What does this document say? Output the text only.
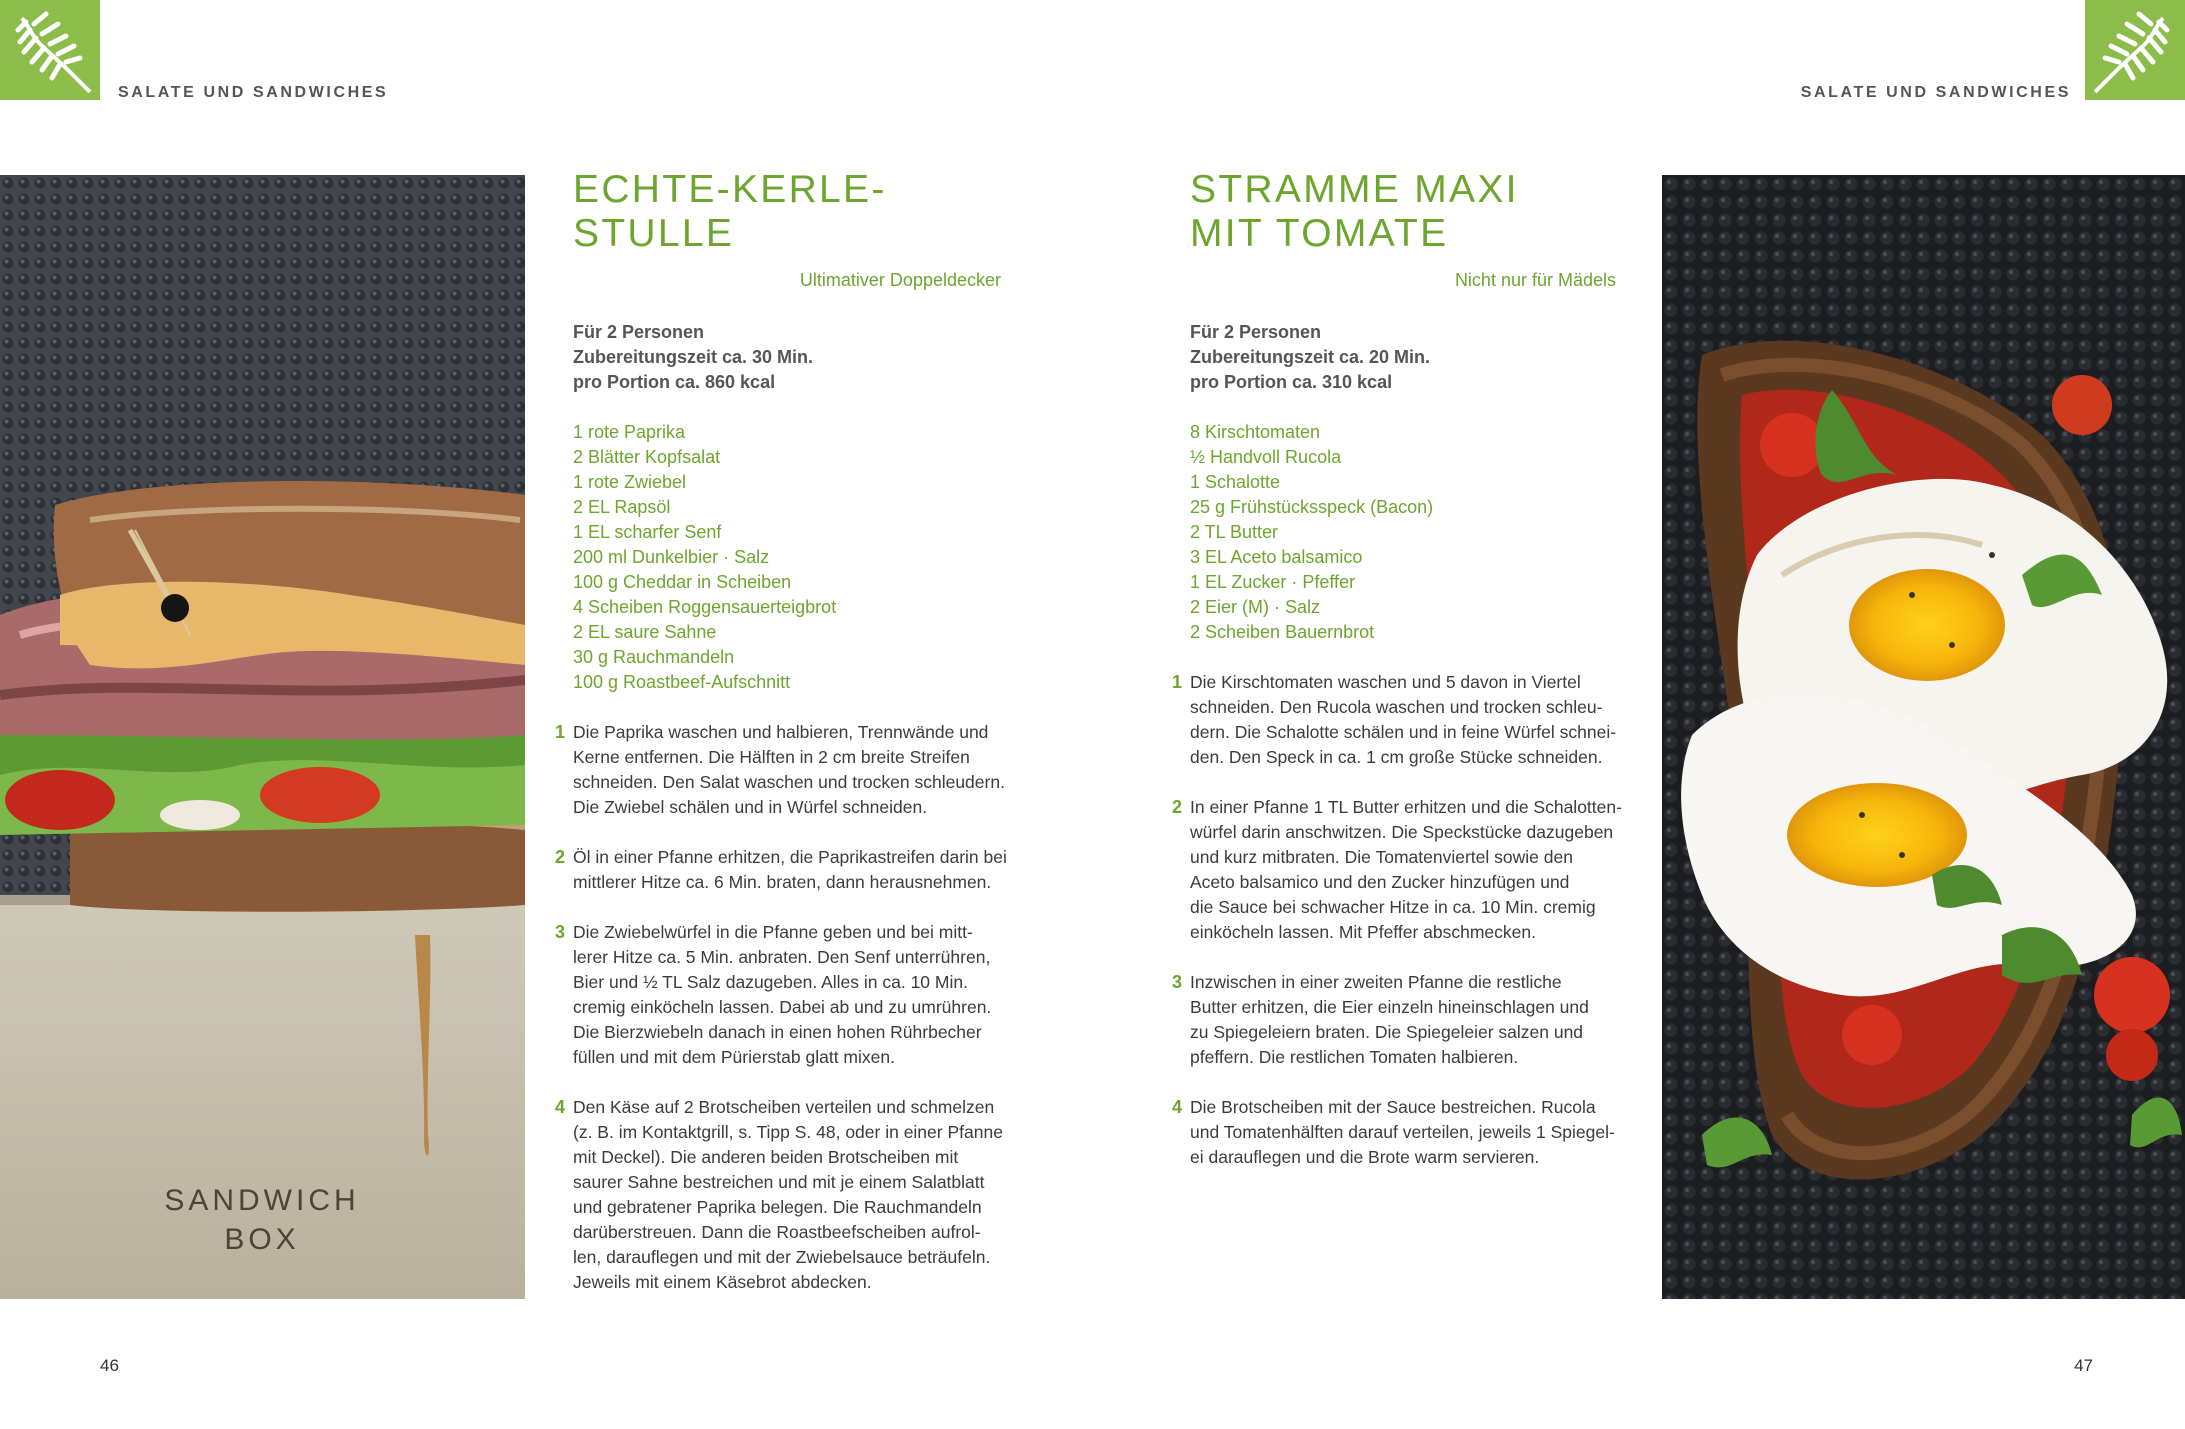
SALATE UND SANDWICHES	SALATE UND SANDWICHES
SANDWICH
BOX
ECHTE-KERLE-STULLE
Ultimativer Doppeldecker
Für 2 Personen
Zubereitungszeit ca. 30 Min.
pro Portion ca. 860 kcal
1 rote Paprika
2 Blätter Kopfsalat
1 rote Zwiebel
2 EL Rapsöl
1 EL scharfer Senf
200 ml Dunkelbier · Salz
100 g Cheddar in Scheiben
4 Scheiben Roggensauerteigbrot
2 EL saure Sahne
30 g Rauchmandeln
100 g Roastbeef-Aufschnitt
1 Die Paprika waschen und halbieren, Trennwände und
Kerne entfernen. Die Hälften in 2 cm breite Streifen
schneiden. Den Salat waschen und trocken schleudern.
Die Zwiebel schälen und in Würfel schneiden.
2 Öl in einer Pfanne erhitzen, die Paprikastreifen darin bei
mittlerer Hitze ca. 6 Min. braten, dann herausnehmen.
3 Die Zwiebelwürfel in die Pfanne geben und bei mitt-
lerer Hitze ca. 5 Min. anbraten. Den Senf unterrühren,
Bier und ½ TL Salz dazugeben. Alles in ca. 10 Min.
cremig einköcheln lassen. Dabei ab und zu umrühren.
Die Bierzwiebeln danach in einen hohen Rührbecher
füllen und mit dem Pürierstab glatt mixen.
4 Den Käse auf 2 Brotscheiben verteilen und schmelzen
(z. B. im Kontaktgrill, s. Tipp S. 48, oder in einer Pfanne
mit Deckel). Die anderen beiden Brotscheiben mit
saurer Sahne bestreichen und mit je einem Salatblatt
und gebratener Paprika belegen. Die Rauchmandeln
darüberstreuen. Dann die Roastbeefscheiben aufrol-
len, darauflegen und mit der Zwiebelsauce beträufeln.
Jeweils mit einem Käsebrot abdecken.
STRAMME MAXI
MIT TOMATE
Nicht nur für Mädels
Für 2 Personen
Zubereitungszeit ca. 20 Min.
pro Portion ca. 310 kcal
8 Kirschtomaten
½ Handvoll Rucola
1 Schalotte
25 g Frühstücksspeck (Bacon)
2 TL Butter
3 EL Aceto balsamico
1 EL Zucker · Pfeffer
2 Eier (M) · Salz
2 Scheiben Bauernbrot
1 Die Kirschtomaten waschen und 5 davon in Viertel
schneiden. Den Rucola waschen und trocken schleu-
dern. Die Schalotte schälen und in feine Würfel schnei-
den. Den Speck in ca. 1 cm große Stücke schneiden.
2 In einer Pfanne 1 TL Butter erhitzen und die Schalotten-
würfel darin anschwitzen. Die Speckstücke dazugeben
und kurz mitbraten. Die Tomatenviertel sowie den
Aceto balsamico und den Zucker hinzufügen und
die Sauce bei schwacher Hitze in ca. 10 Min. cremig
einköcheln lassen. Mit Pfeffer abschmecken.
3 Inzwischen in einer zweiten Pfanne die restliche
Butter erhitzen, die Eier einzeln hineinschlagen und
zu Spiegeleiern braten. Die Spiegeleier salzen und
pfeffern. Die restlichen Tomaten halbieren.
4 Die Brotscheiben mit der Sauce bestreichen. Rucola
und Tomatenhälften darauf verteilen, jeweils 1 Spiegel-
ei darauflegen und die Brote warm servieren.
46	47
